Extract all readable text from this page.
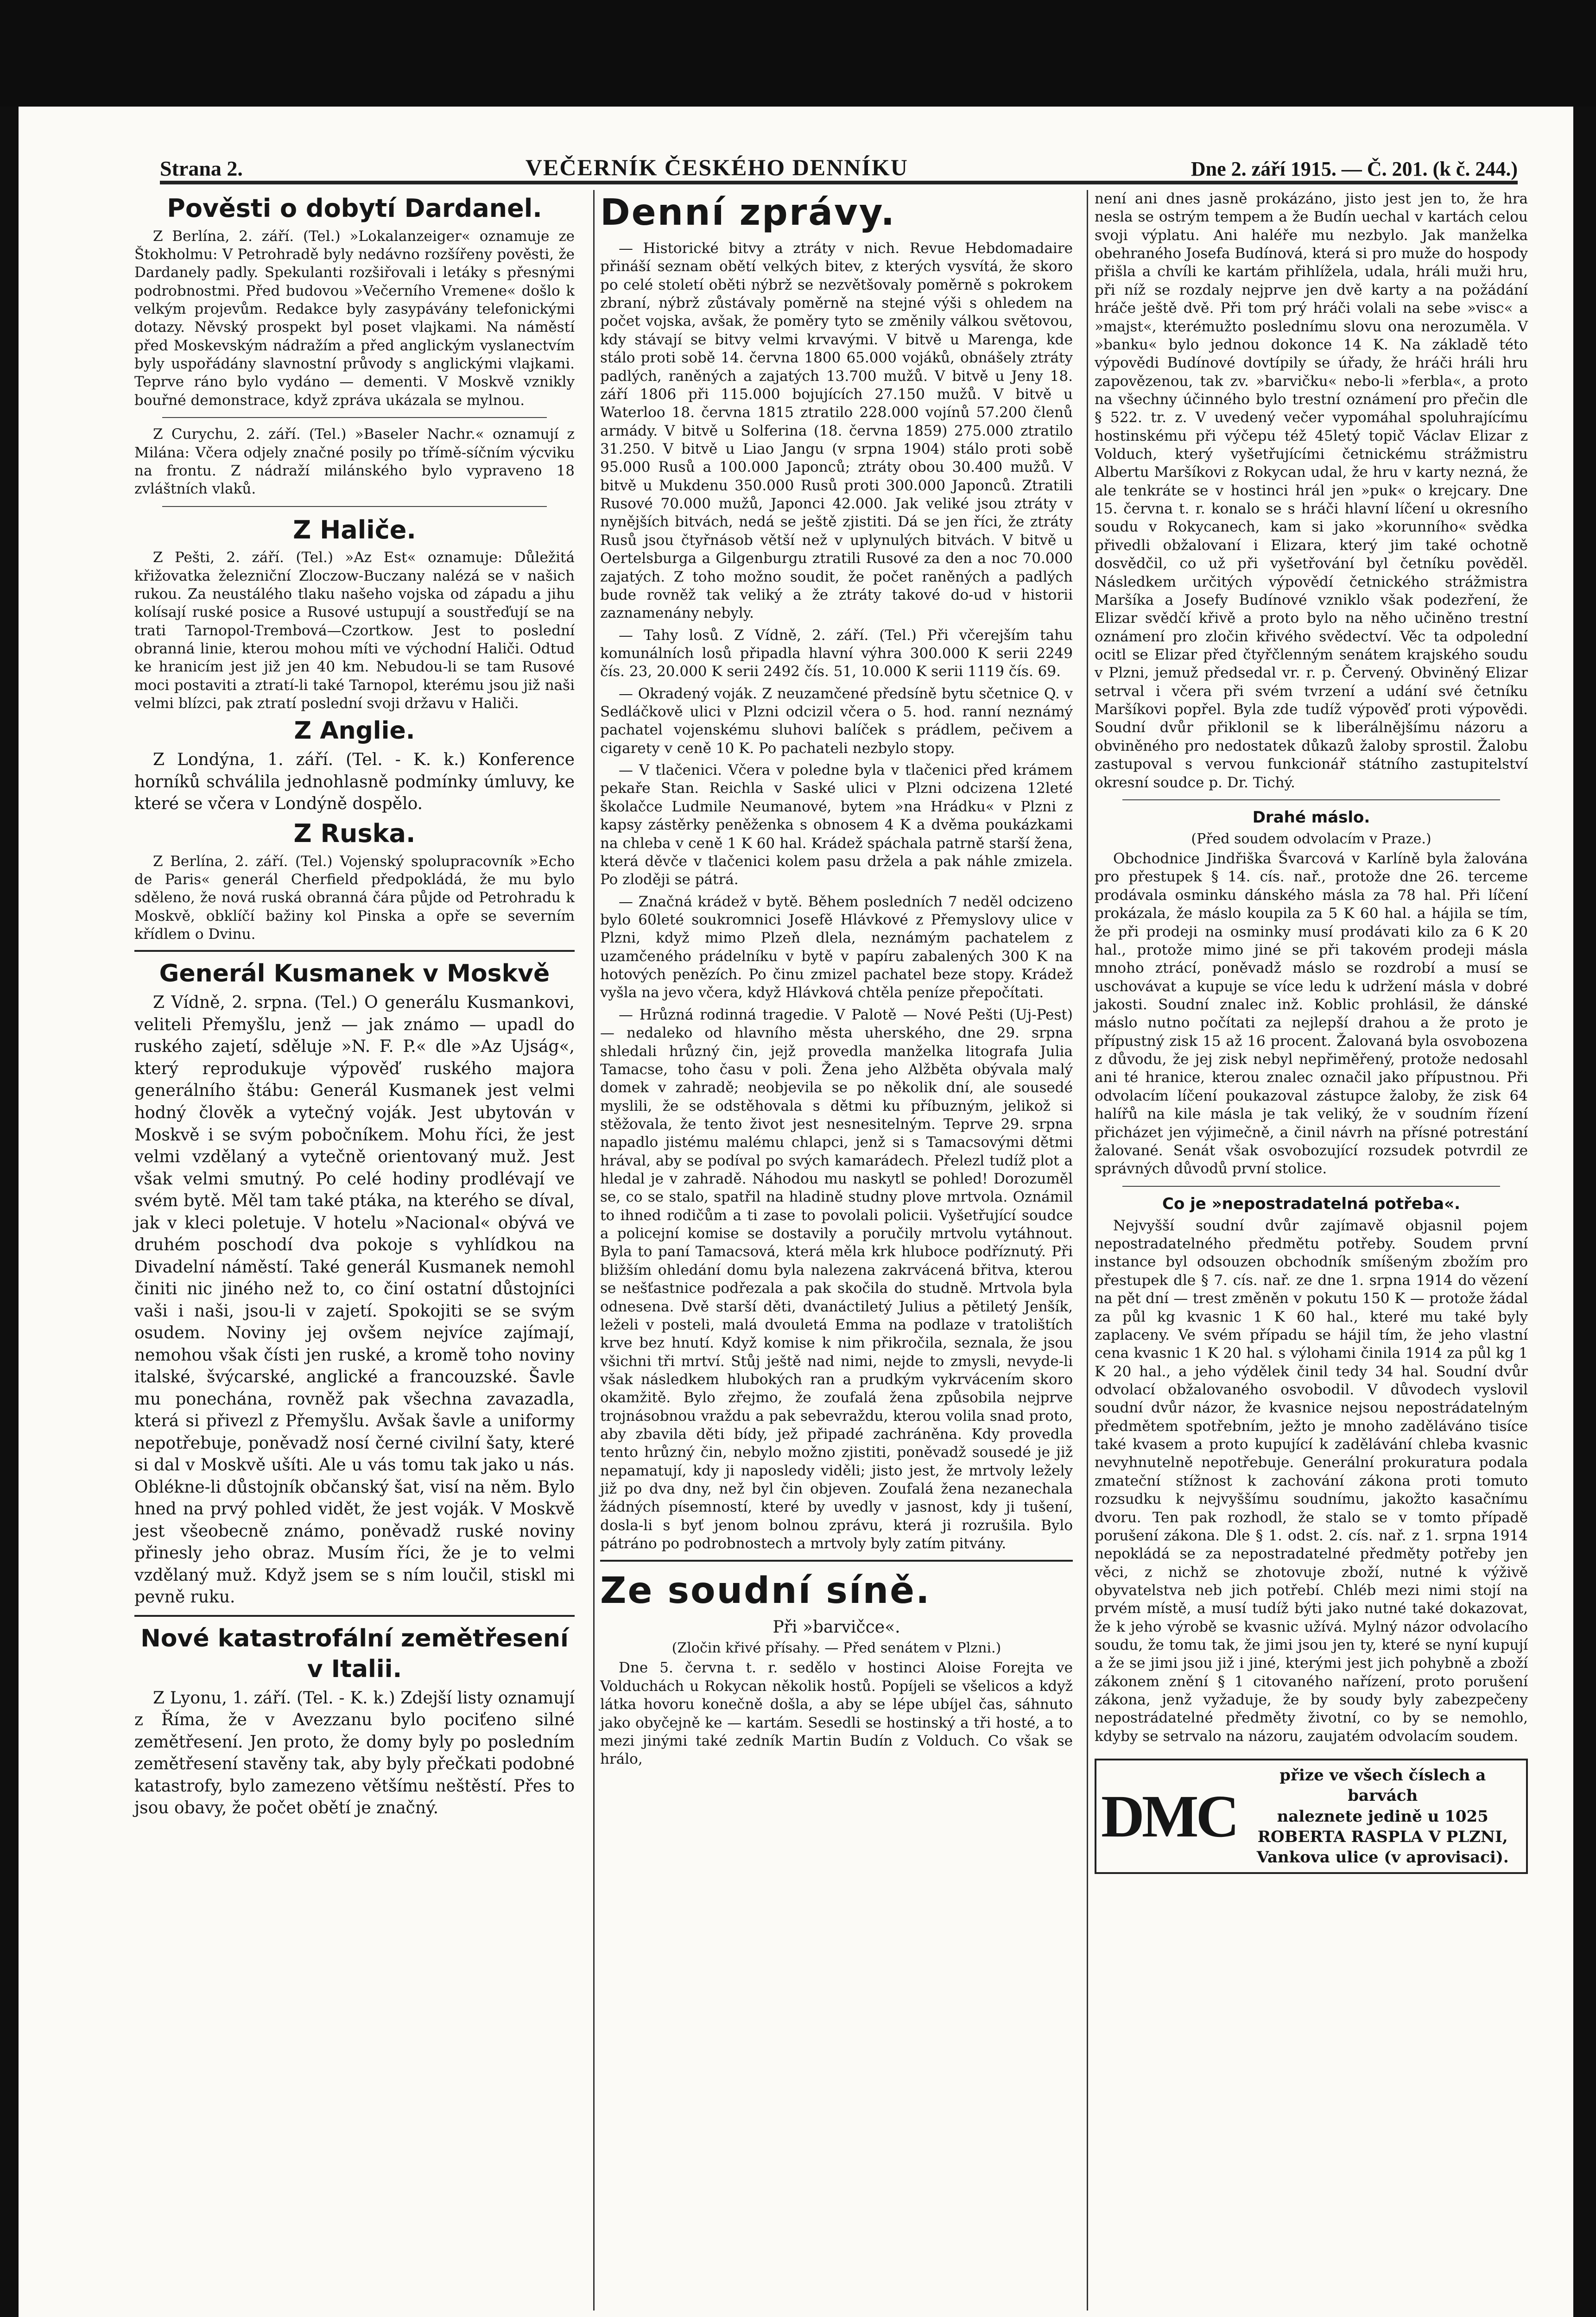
Strana 2.	VEČERNÍK ČESKÉHO DENNÍKU	Dne 2. září 1915. — Č. 201. (k č. 244.)
Pověsti o dobytí Dardanel.

Z Berlína, 2. září. (Tel.) »Lokalanzeiger« oznamuje ze Štokholmu: V Petrohradě byly nedávno rozšířeny pověsti, že Dardanely padly. Spekulanti rozšiřovali i letáky s přesnými podrobnostmi. Před budovou »Večerního Vremene« došlo k velkým projevům. Redakce byly zasypávány telefonickými dotazy. Něvský prospekt byl poset vlajkami. Na náměstí před Moskevským nádražím a před anglickým vyslanectvím byly uspořádány slavnostní průvody s anglickými vlajkami. Teprve ráno bylo vydáno — dementi. V Moskvě vznikly bouřné demonstrace, když zpráva ukázala se mylnou.

Z Curychu, 2. září. (Tel.) »Baseler Nachr.« oznamují z Milána: Včera odjely značné posily po třímě-síčním výcviku na frontu. Z nádraží milánského bylo vypraveno 18 zvláštních vlaků.

Z Haliče.

Z Pešti, 2. září. (Tel.) »Az Est« oznamuje: Důležitá křižovatka železniční Zloczow-Buczany nalézá se v našich rukou. Za neustálého tlaku našeho vojska od západu a jihu kolísají ruské posice a Rusové ustupují a soustřeďují se na trati Tarnopol-Trembová—Czortkow. Jest to poslední obranná linie, kterou mohou míti ve východní Haliči. Odtud ke hranicím jest již jen 40 km. Nebudou-li se tam Rusové moci postaviti a ztratí-li také Tarnopol, kterému jsou již naši velmi blízci, pak ztratí poslední svoji državu v Haliči.

Z Anglie.

Z Londýna, 1. září. (Tel. - K. k.) Konference horníků schválila jednohlasně podmínky úmluvy, ke které se včera v Londýně dospělo.

Z Ruska.

Z Berlína, 2. září. (Tel.) Vojenský spolupracovník »Echo de Paris« generál Cherfield předpokládá, že mu bylo sděleno, že nová ruská obranná čára půjde od Petrohradu k Moskvě, obklíčí bažiny kol Pinska a opře se severním křídlem o Dvinu.

Generál Kusmanek v Moskvě

Z Vídně, 2. srpna. (Tel.) O generálu Kusmankovi, veliteli Přemyšlu, jenž — jak známo — upadl do ruského zajetí, sděluje »N. F. P.« dle »Az Ujság«, který reprodukuje výpověď ruského majora generálního štábu: Generál Kusmanek jest velmi hodný člověk a vytečný voják. Jest ubytován v Moskvě i se svým pobočníkem. Mohu říci, že jest velmi vzdělaný a vytečně orientovaný muž. Jest však velmi smutný. Po celé hodiny prodlévají ve svém bytě. Měl tam také ptáka, na kterého se díval, jak v kleci poletuje. V hotelu »Nacional« obývá ve druhém poschodí dva pokoje s vyhlídkou na Divadelní náměstí. Také generál Kusmanek nemohl činiti nic jiného než to, co činí ostatní důstojníci vaši i naši, jsou-li v zajetí. Spokojiti se se svým osudem. Noviny jej ovšem nejvíce zajímají, nemohou však čísti jen ruské, a kromě toho noviny italské, švýcarské, anglické a francouzské. Šavle mu ponechána, rovněž pak všechna zavazadla, která si přivezl z Přemyšlu. Avšak šavle a uniformy nepotřebuje, poněvadž nosí černé civilní šaty, které si dal v Moskvě ušíti. Ale u vás tomu tak jako u nás. Oblékne-li důstojník občanský šat, visí na něm. Bylo hned na prvý pohled vidět, že jest voják. V Moskvě jest všeobecně známo, poněvadž ruské noviny přinesly jeho obraz. Musím říci, že je to velmi vzdělaný muž. Když jsem se s ním loučil, stiskl mi pevně ruku.

Nové katastrofální zemětřesení v Italii.

Z Lyonu, 1. září. (Tel. - K. k.) Zdejší listy oznamují z Říma, že v Avezzanu bylo pociťeno silné zemětřesení. Jen proto, že domy byly po posledním zemětřesení stavěny tak, aby byly přečkati podobné katastrofy, bylo zamezeno většímu neštěstí. Přes to jsou obavy, že počet obětí je značný.

Denní zprávy.

— Historické bitvy a ztráty v nich. Revue Hebdomadaire přináší seznam obětí velkých bitev, z kterých vysvítá, že skoro po celé století oběti nýbrž se nezvětšovaly poměrně s pokrokem zbraní, nýbrž zůstávaly poměrně na stejné výši s ohledem na počet vojska, avšak, že poměry tyto se změnily válkou světovou, kdy stávají se bitvy velmi krvavými. V bitvě u Marenga, kde stálo proti sobě 14. června 1800 65.000 vojáků, obnášely ztráty padlých, raněných a zajatých 13.700 mužů. V bitvě u Jeny 18. září 1806 při 115.000 bojujících 27.150 mužů. V bitvě u Waterloo 18. června 1815 ztratilo 228.000 vojínů 57.200 členů armády. V bitvě u Solferina (18. června 1859) 275.000 ztratilo 31.250. V bitvě u Liao Jangu (v srpna 1904) stálo proti sobě 95.000 Rusů a 100.000 Japonců; ztráty obou 30.400 mužů. V bitvě u Mukdenu 350.000 Rusů proti 300.000 Japonců. Ztratili Rusové 70.000 mužů, Japonci 42.000. Jak veliké jsou ztráty v nynějších bitvách, nedá se ještě zjistiti. Dá se jen říci, že ztráty Rusů jsou čtyřnásob větší než v uplynulých bitvách. V bitvě u Oertelsburga a Gilgenburgu ztratili Rusové za den a noc 70.000 zajatých. Z toho možno soudit, že počet raněných a padlých bude rovněž tak veliký a že ztráty takové do-ud v historii zaznamenány nebyly.

— Tahy losů. Z Vídně, 2. září. (Tel.) Při včerejším tahu komunálních losů připadla hlavní výhra 300.000 K serii 2249 čís. 23, 20.000 K serii 2492 čís. 51, 10.000 K serii 1119 čís. 69.

— Okradený voják. Z neuzamčené předsíně bytu sčetnice Q. v Sedláčkově ulici v Plzni odcizil včera o 5. hod. ranní neznámý pachatel vojenskému sluhovi balíček s prádlem, pečivem a cigarety v ceně 10 K. Po pachateli nezbylo stopy.

— V tlačenici. Včera v poledne byla v tlačenici před krámem pekaře Stan. Reichla v Saské ulici v Plzni odcizena 12leté školačce Ludmile Neumanové, bytem »na Hrádku« v Plzni z kapsy zástěrky peněženka s obnosem 4 K a dvěma poukázkami na chleba v ceně 1 K 60 hal. Krádež spáchala patrně starší žena, která děvče v tlačenici kolem pasu držela a pak náhle zmizela. Po zloději se pátrá.

— Značná krádež v bytě. Během posledních 7 neděl odcizeno bylo 60leté soukromnici Josefě Hlávkové z Přemyslovy ulice v Plzni, když mimo Plzeň dlela, neznámým pachatelem z uzamčeného prádelníku v bytě v papíru zabalených 300 K na hotových penězích. Po činu zmizel pachatel beze stopy. Krádež vyšla na jevo včera, když Hlávková chtěla peníze přepočítati.

— Hrůzná rodinná tragedie. V Palotě — Nové Pešti (Uj-Pest) — nedaleko od hlavního města uherského, dne 29. srpna shledali hrůzný čin, jejž provedla manželka litografa Julia Tamacse, toho času v poli. Žena jeho Alžběta obývala malý domek v zahradě; neobjevila se po několik dní, ale sousedé myslili, že se odstěhovala s dětmi ku příbuzným, jelikož si stěžovala, že tento život jest nesnesitelným. Teprve 29. srpna napadlo jistému malému chlapci, jenž si s Tamacsovými dětmi hrával, aby se podíval po svých kamarádech. Přelezl tudíž plot a hledal je v zahradě. Náhodou mu naskytl se pohled! Dorozuměl se, co se stalo, spatřil na hladině studny plove mrtvola. Oznámil to ihned rodičům a ti zase to povolali policii. Vyšetřující soudce a policejní komise se dostavily a poručily mrtvolu vytáhnout. Byla to paní Tamacsová, která měla krk hluboce podříznutý. Při bližším ohledání domu byla nalezena zakrvácená břitva, kterou se nešťastnice podřezala a pak skočila do studně. Mrtvola byla odnesena. Dvě starší děti, dvanáctiletý Julius a pětiletý Jenšík, leželi v posteli, malá dvouletá Emma na podlaze v tratolištích krve bez hnutí. Když komise k nim přikročila, seznala, že jsou všichni tři mrtví. Stůj ještě nad nimi, nejde to zmysli, nevyde-li však následkem hlubokých ran a prudkým vykrvácením skoro okamžitě. Bylo zřejmo, že zoufalá žena způsobila nejprve trojnásobnou vraždu a pak sebevraždu, kterou volila snad proto, aby zbavila děti bídy, jež připadé zachráněna. Kdy provedla tento hrůzný čin, nebylo možno zjistiti, poněvadž sousedé je již nepamatují, kdy ji naposledy viděli; jisto jest, že mrtvoly ležely již po dva dny, než byl čin objeven. Zoufalá žena nezanechala žádných písemností, které by uvedly v jasnost, kdy ji tušení, dosla-li s byť jenom bolnou zprávu, která ji rozrušila. Bylo pátráno po podrobnostech a mrtvoly byly zatím pitvány.

Ze soudní síně.
Při »barvičce«.
(Zločin křivé přísahy. — Před senátem v Plzni.)

Dne 5. června t. r. sedělo v hostinci Aloise Forejta ve Volduchách u Rokycan několik hostů. Popíjeli se všelicos a když látka hovoru konečně došla, a aby se lépe ubíjel čas, sáhnuto jako obyčejně ke — kartám. Sesedli se hostinský a tři hosté, a to mezi jinými také zedník Martin Budín z Volduch. Co však se hrálo,

není ani dnes jasně prokázáno, jisto jest jen to, že hra nesla se ostrým tempem a že Budín uechal v kartách celou svoji výplatu. Ani haléře mu nezbylo. Jak manželka obehraného Josefa Budínová, která si pro muže do hospody přišla a chvíli ke kartám přihlížela, udala, hráli muži hru, při níž se rozdaly nejprve jen dvě karty a na požádání hráče ještě dvě. Při tom prý hráči volali na sebe »visc« a »majst«, kterémužto poslednímu slovu ona nerozuměla. V »banku« bylo jednou dokonce 14 K. Na základě této výpovědi Budínové dovtípily se úřady, že hráči hráli hru zapovězenou, tak zv. »barvičku« nebo-li »ferbla«, a proto na všechny účinného bylo trestní oznámení pro přečin dle § 522. tr. z. V uvedený večer vypomáhal spoluhrajícímu hostinskému při výčepu též 45letý topič Václav Elizar z Volduch, který vyšetřujícími četnickému strážmistru Albertu Maršíkovi z Rokycan udal, že hru v karty nezná, že ale tenkráte se v hostinci hrál jen »puk« o krejcary. Dne 15. června t. r. konalo se s hráči hlavní líčení u okresního soudu v Rokycanech, kam si jako »korunního« svědka přivedli obžalovaní i Elizara, který jim také ochotně dosvědčil, co už při vyšetřování byl četníku pověděl. Následkem určitých výpovědí četnického strážmistra Maršíka a Josefy Budínové vzniklo však podezření, že Elizar svědčí křivě a proto bylo na něho učiněno trestní oznámení pro zločin křivého svědectví. Věc ta odpolední ocitl se Elizar před čtyřčlenným senátem krajského soudu v Plzni, jemuž předsedal vr. r. p. Červený. Obviněný Elizar setrval i včera při svém tvrzení a udání své četníku Maršíkovi popřel. Byla zde tudíž výpověď proti výpovědi. Soudní dvůr přiklonil se k liberálnějšímu názoru a obviněného pro nedostatek důkazů žaloby sprostil. Žalobu zastupoval s vervou funkcionář státního zastupitelství okresní soudce p. Dr. Tichý.

Drahé máslo.
(Před soudem odvolacím v Praze.)

Obchodnice Jindřiška Švarcová v Karlíně byla žalována pro přestupek § 14. cís. nař., protože dne 26. terceme prodávala osminku dánského másla za 78 hal. Při líčení prokázala, že máslo koupila za 5 K 60 hal. a hájila se tím, že při prodeji na osminky musí prodávati kilo za 6 K 20 hal., protože mimo jiné se při takovém prodeji másla mnoho ztrácí, poněvadž máslo se rozdrobí a musí se uschovávat a kupuje se více ledu k udržení másla v dobré jakosti. Soudní znalec inž. Koblic prohlásil, že dánské máslo nutno počítati za nejlepší drahou a že proto je přípustný zisk 15 až 16 procent. Žalovaná byla osvobozena z důvodu, že jej zisk nebyl nepřiměřený, protože nedosahl ani té hranice, kterou znalec označil jako přípustnou. Při odvolacím líčení poukazoval zástupce žaloby, že zisk 64 halířů na kile másla je tak veliký, že v soudním řízení přicházet jen výjimečně, a činil návrh na přísné potrestání žalované. Senát však osvobozující rozsudek potvrdil ze správných důvodů první stolice.

Co je »nepostradatelná potřeba«.

Nejvyšší soudní dvůr zajímavě objasnil pojem nepostradatelného předmětu potřeby. Soudem první instance byl odsouzen obchodník smíšeným zbožím pro přestupek dle § 7. cís. nař. ze dne 1. srpna 1914 do vězení na pět dní — trest změněn v pokutu 150 K — protože žádal za půl kg kvasnic 1 K 60 hal., které mu také byly zaplaceny. Ve svém případu se hájil tím, že jeho vlastní cena kvasnic 1 K 20 hal. s výlohami činila 1914 za půl kg 1 K 20 hal., a jeho výdělek činil tedy 34 hal. Soudní dvůr odvolací obžalovaného osvobodil. V důvodech vyslovil soudní dvůr názor, že kvasnice nejsou nepostrádatelným předmětem spotřebním, ježto je mnoho zaděláváno tisíce také kvasem a proto kupující k zadělávání chleba kvasnic nevyhnutelně nepotřebuje. Generální prokuratura podala zmateční stížnost k zachování zákona proti tomuto rozsudku k nejvyššímu soudnímu, jakožto kasačnímu dvoru. Ten pak rozhodl, že stalo se v tomto případě porušení zákona. Dle § 1. odst. 2. cís. nař. z 1. srpna 1914 nepokládá se za nepostradatelné předměty potřeby jen věci, z nichž se zhotovuje zboží, nutné k výživě obyvatelstva neb jich potřebí. Chléb mezi nimi stojí na prvém místě, a musí tudíž býti jako nutné také dokazovat, že k jeho výrobě se kvasnic užívá. Mylný názor odvolacího soudu, že tomu tak, že jimi jsou jen ty, které se nyní kupují a že se jimi jsou již i jiné, kterými jest jich pohybně a zboží zákonem znění § 1 citovaného nařízení, proto porušení zákona, jenž vyžaduje, že by soudy byly zabezpečeny nepostrádatelné předměty životní, co by se nemohlo, kdyby se setrvalo na názoru, zaujatém odvolacím soudem.

DMC
přize ve všech číslech a barvách
naleznete jedině u 1025
ROBERTA RASPLA V PLZNI,
Vankova ulice (v aprovisaci).
